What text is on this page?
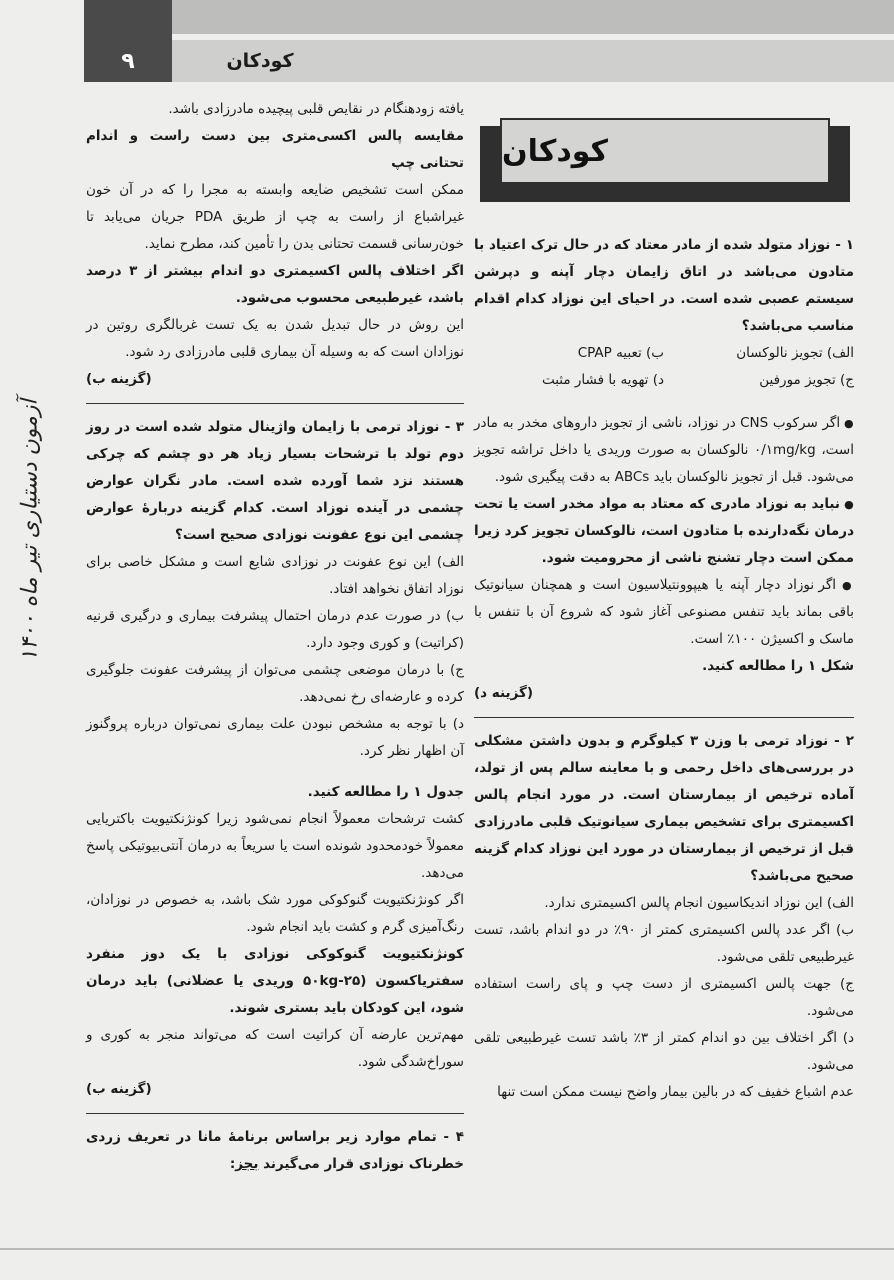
۹	کودکان
آزمون دستیاری تیر ماه ۱۴۰۰
کودکان

یافته زودهنگام در نقایص قلبی پیچیده مادرزادی باشد.

مقایسه پالس اکسی‌متری بین دست راست و اندام تحتانی چپ

ممکن است تشخیص ضایعه وابسته به مجرا را که در آن خون غیراشباع از راست به چپ از طریق PDA جریان می‌یابد تا خون‌رسانی قسمت تحتانی بدن را تأمین کند، مطرح نماید.

اگر اختلاف پالس اکسیمتری دو اندام بیشتر از ۳ درصد باشد، غیرطبیعی محسوب می‌شود.

این روش در حال تبدیل شدن به یک تست غربالگری روتین در نوزادان است که به وسیله آن بیماری قلبی مادرزادی رد شود.

(گزینه ب)

۳ - نوزاد ترمی با زایمان واژینال متولد شده است در روز دوم تولد با ترشحات بسیار زیاد هر دو چشم که چرکی هستند نزد شما آورده شده است. مادر نگران عوارض چشمی در آینده نوزاد است. کدام گزینه دربارهٔ عوارض چشمی این نوع عفونت نوزادی صحیح است؟

الف) این نوع عفونت در نوزادی شایع است و مشکل خاصی برای نوزاد اتفاق نخواهد افتاد.

ب) در صورت عدم درمان احتمال پیشرفت بیماری و درگیری قرنیه (کراتیت) و کوری وجود دارد.

ج) با درمان موضعی چشمی می‌توان از پیشرفت عفونت جلوگیری کرده و عارضه‌ای رخ نمی‌دهد.

د) با توجه به مشخص نبودن علت بیماری نمی‌توان درباره پروگنوز آن اظهار نظر کرد.

جدول ۱ را مطالعه کنید.

کشت ترشحات معمولاً انجام نمی‌شود زیرا کونژنکتیویت باکتریایی معمولاً خودمحدود شونده است یا سریعاً به درمان آنتی‌بیوتیکی پاسخ می‌دهد.

اگر کونژنکتیویت گنوکوکی مورد شک باشد، به خصوص در نوزادان، رنگ‌آمیزی گرم و کشت باید انجام شود.

کونژنکتیویت گنوکوکی نوزادی با یک دوز منفرد سفتریاکسون (۲۵-۵۰kg وریدی یا عضلانی) باید درمان شود، این کودکان باید بستری شوند.

مهم‌ترین عارضه آن کراتیت است که می‌تواند منجر به کوری و سوراخ‌شدگی شود.

(گزینه ب)

۴ - تمام موارد زیر براساس برنامهٔ مانا در تعریف زردی خطرناک نوزادی قرار می‌گیرند بجز:

۱ - نوزاد متولد شده از مادر معتاد که در حال ترک اعتیاد با متادون می‌باشد در اتاق زایمان دچار آپنه و دپرشن سیستم عصبی شده است. در احیای این نوزاد کدام اقدام مناسب می‌باشد؟

الف) تجویز نالوکسان
ب) تعبیه CPAP
ج) تجویز مورفین
د) تهویه با فشار مثبت

● اگر سرکوب CNS در نوزاد، ناشی از تجویز داروهای مخدر به مادر است، ۰/۱mg/kg نالوکسان به صورت وریدی یا داخل تراشه تجویز می‌شود. قبل از تجویز نالوکسان باید ABCs به دقت پیگیری شود.

● نباید به نوزاد مادری که معتاد به مواد مخدر است یا تحت درمان نگه‌دارنده با متادون است، نالوکسان تجویز کرد زیرا ممکن است دچار تشنج ناشی از محرومیت شود.

● اگر نوزاد دچار آپنه یا هیپوونتیلاسیون است و همچنان سیانوتیک باقی بماند باید تنفس مصنوعی آغاز شود که شروع آن با تنفس با ماسک و اکسیژن ۱۰۰٪ است.

شکل ۱ را مطالعه کنید.

(گزینه د)

۲ - نوزاد ترمی با وزن ۳ کیلوگرم و بدون داشتن مشکلی در بررسی‌های داخل رحمی و با معاینه سالم پس از تولد، آماده ترخیص از بیمارستان است. در مورد انجام پالس اکسیمتری برای تشخیص بیماری سیانوتیک قلبی مادرزادی قبل از ترخیص از بیمارستان در مورد این نوزاد کدام گزینه صحیح می‌باشد؟

الف) این نوزاد اندیکاسیون انجام پالس اکسیمتری ندارد.

ب) اگر عدد پالس اکسیمتری کمتر از ۹۰٪ در دو اندام باشد، تست غیرطبیعی تلقی می‌شود.

ج) جهت پالس اکسیمتری از دست چپ و پای راست استفاده می‌شود.

د) اگر اختلاف بین دو اندام کمتر از ۳٪ باشد تست غیرطبیعی تلقی می‌شود.

عدم اشباع خفیف که در بالین بیمار واضح نیست ممکن است تنها
